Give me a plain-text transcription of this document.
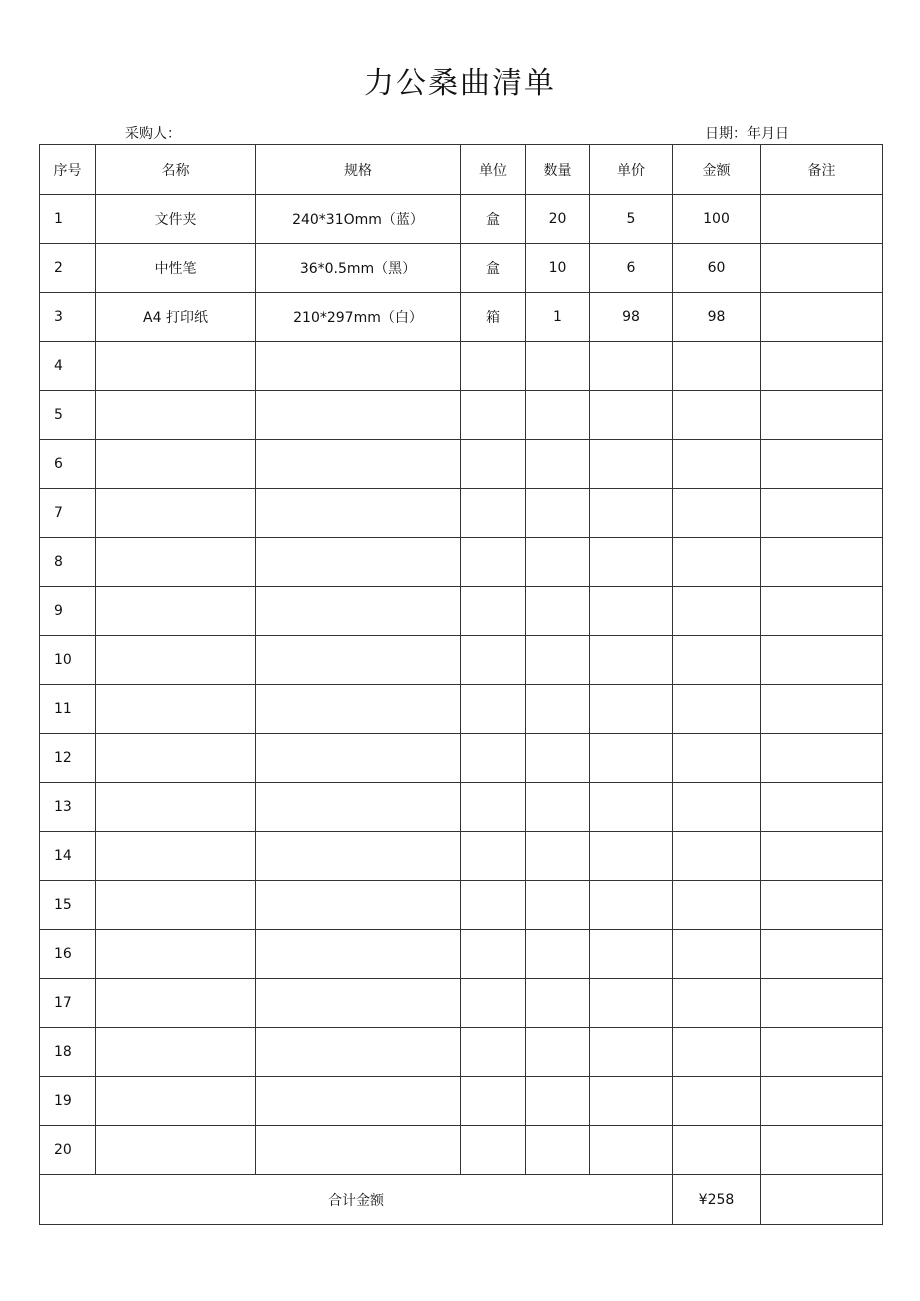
力公桑曲清单
采购人：	日期：年月日
序号	名称	规格	单位	数量	单价	金额	备注
1	文件夹	240*31Omm（蓝）	盒	20	5	100	
2	中性笔	36*0.5mm（黑）	盒	10	6	60	
3	A4 打印纸	210*297mm（白）	箱	1	98	98	
4							
5							
6							
7							
8							
9							
10							
11							
12							
13							
14							
15							
16							
17							
18							
19							
20							
合计金额						¥258	
